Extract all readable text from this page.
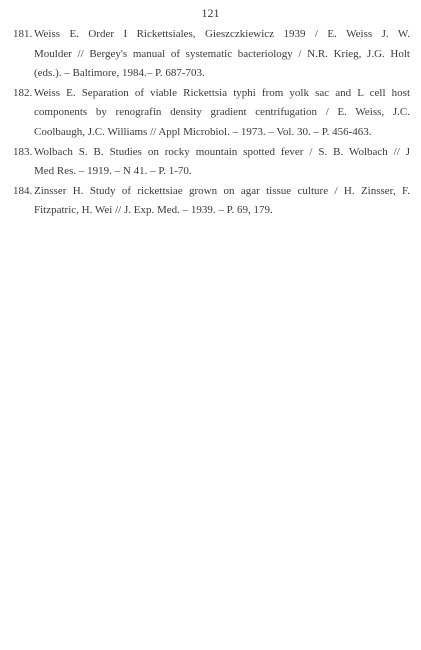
121
181. Weiss E. Order I Rickettsiales, Gieszczkiewicz 1939 / E. Weiss J. W.
Moulder // Bergey's manual of systematic bacteriology / N.R. Krieg, J.G. Holt
(eds.). – Baltimore, 1984.– P. 687-703.
182. Weiss E. Separation of viable Rickettsia typhi from yolk sac and L cell host
components by renografin density gradient centrifugation / E. Weiss, J.C.
Coolbaugh, J.C. Williams // Appl Microbiol. – 1973. – Vol. 30. – P. 456-463.
183. Wolbach S. B. Studies on rocky mountain spotted fever / S. B. Wolbach // J
Med Res. – 1919. – N 41. – P. 1-70.
184. Zinsser H. Study of rickettsiae grown on agar tissue culture / H. Zinsser, F.
Fitzpatric, H. Wei // J. Exp. Med. – 1939. – P. 69, 179.
